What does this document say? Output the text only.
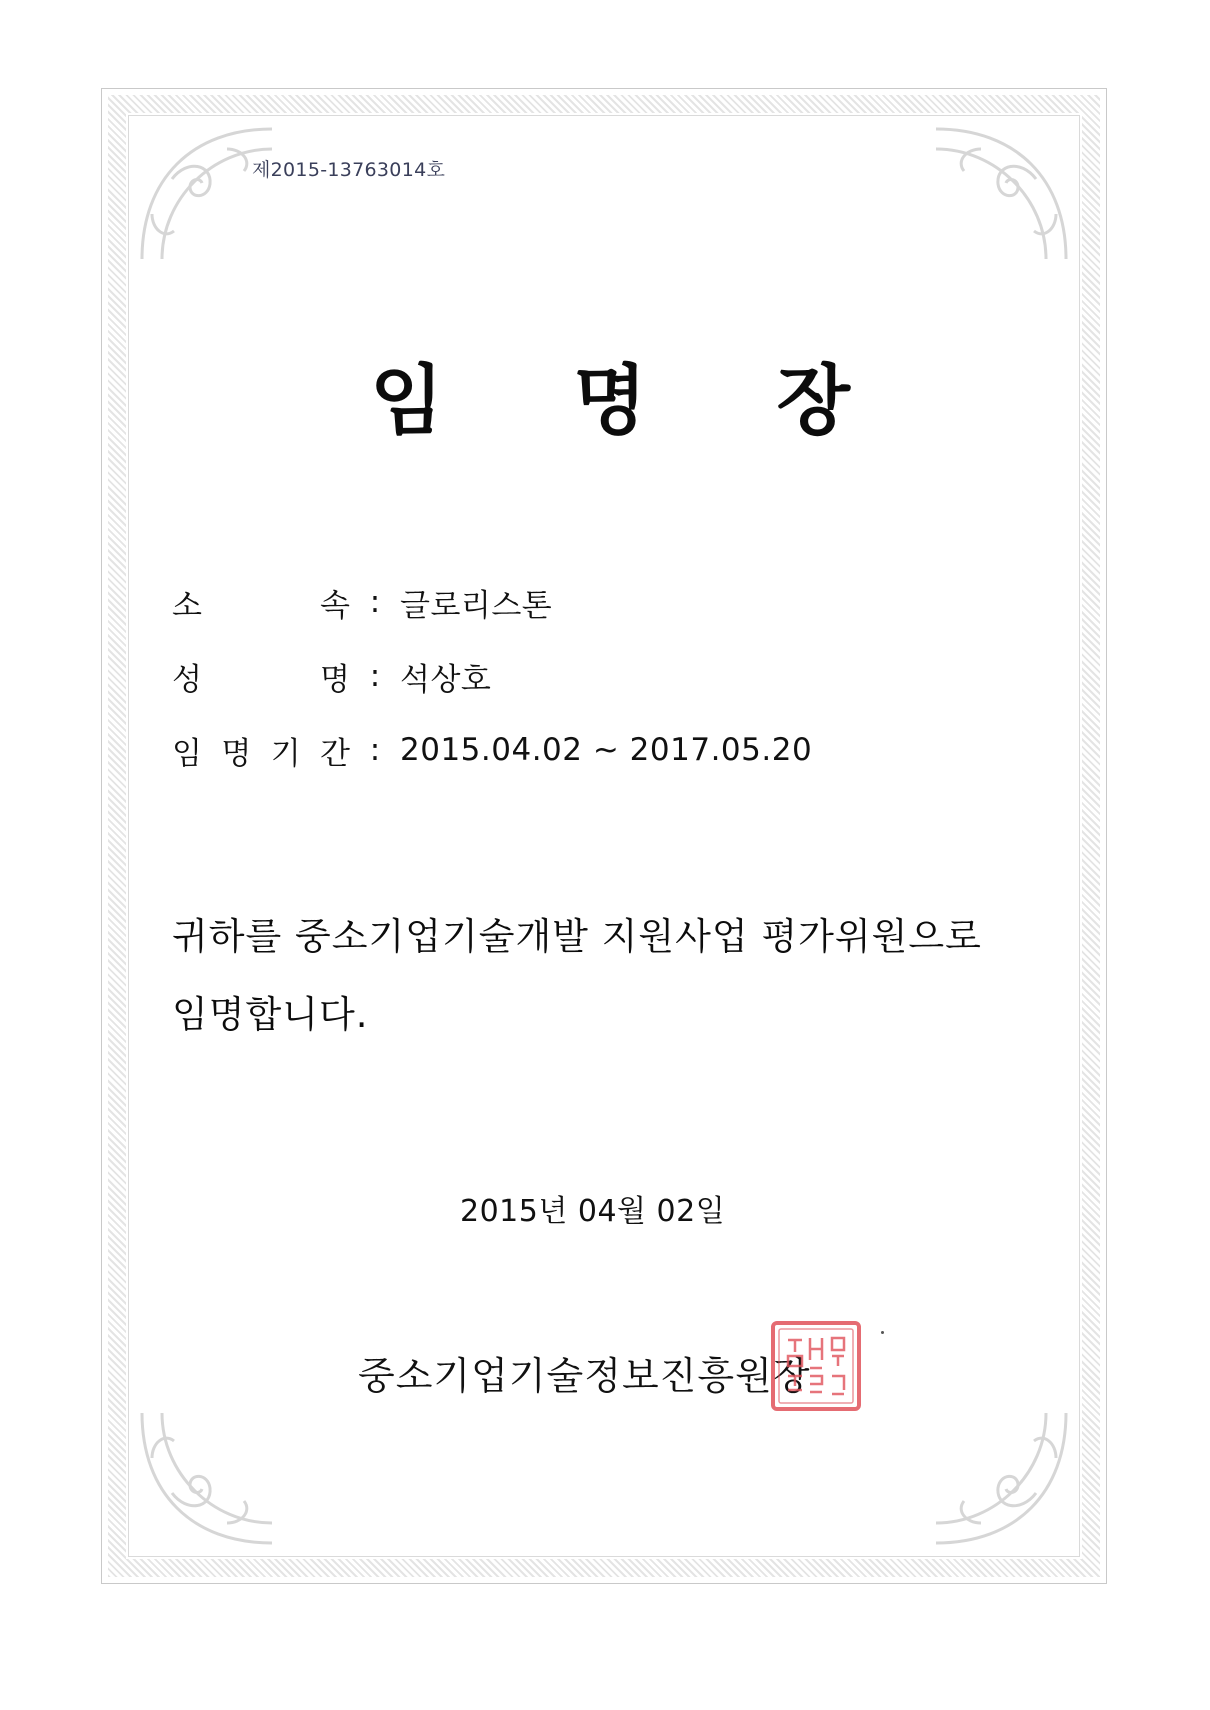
제2015-13763014호
임 명 장
소	속 : 글로리스톤
성	명 : 석상호
임 명 기 간 : 2015.04.02 ~ 2017.05.20
귀하를 중소기업기술개발 지원사업 평가위원으로
임명합니다.
2015년 04월 02일
중소기업기술정보진흥원장
